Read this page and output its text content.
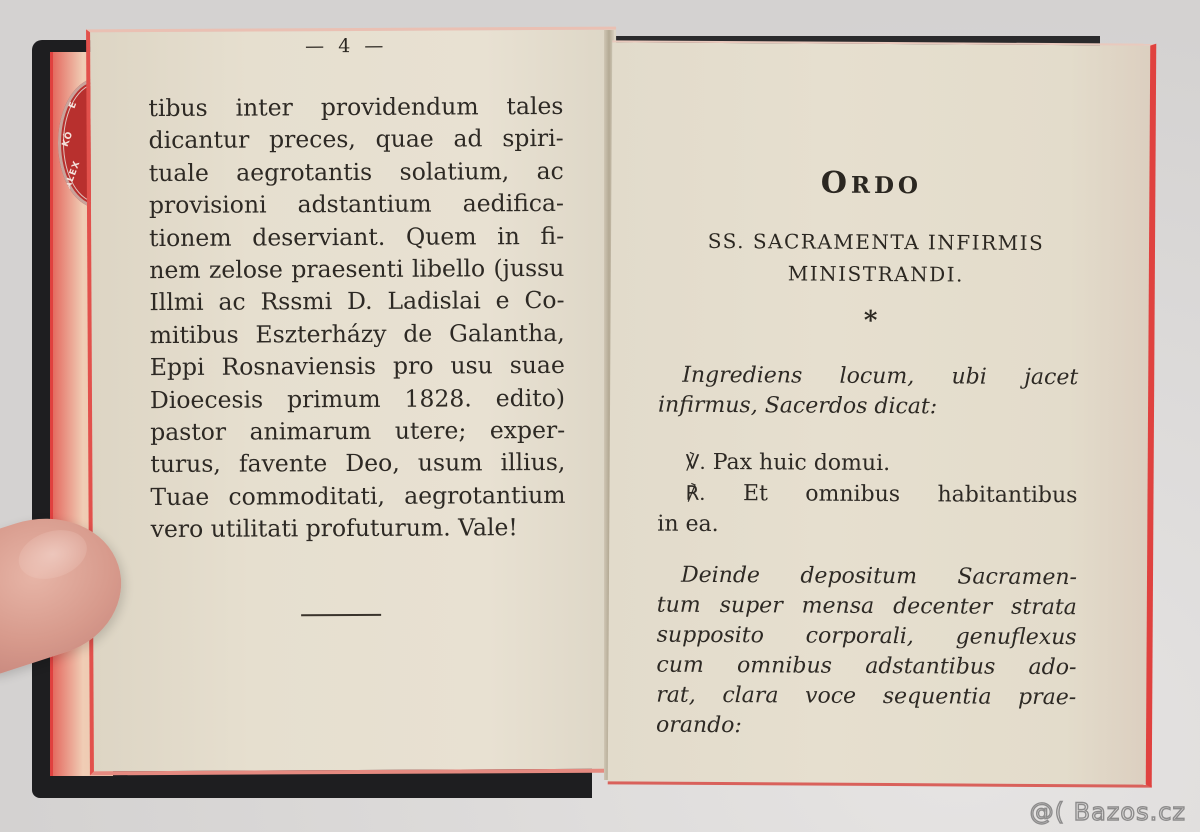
E
KÖ
ALEX
— 4 —
tibus inter providendum tales
dicantur preces, quae ad spiri-
tuale aegrotantis solatium, ac
provisioni adstantium aedifica-
tionem deserviant. Quem in fi-
nem zelose praesenti libello (jussu
Illmi ac Rssmi D. Ladislai e Co-
mitibus Eszterházy de Galantha,
Eppi Rosnaviensis pro usu suae
Dioecesis primum 1828. edito)
pastor animarum utere; exper-
turus, favente Deo, usum illius,
Tuae commoditati, aegrotantium
vero utilitati profuturum. Vale!
ORDO
SS. SACRAMENTA INFIRMIS
MINISTRANDI.
*
Ingrediens locum, ubi jacet
infirmus, Sacerdos dicat:
℣. Pax huic domui.
℟. Et omnibus habitantibus
in ea.
Deinde depositum Sacramen-
tum super mensa decenter strata
supposito corporali, genuflexus
cum omnibus adstantibus ado-
rat, clara voce sequentia prae-
orando:
@( Bazos.cz
